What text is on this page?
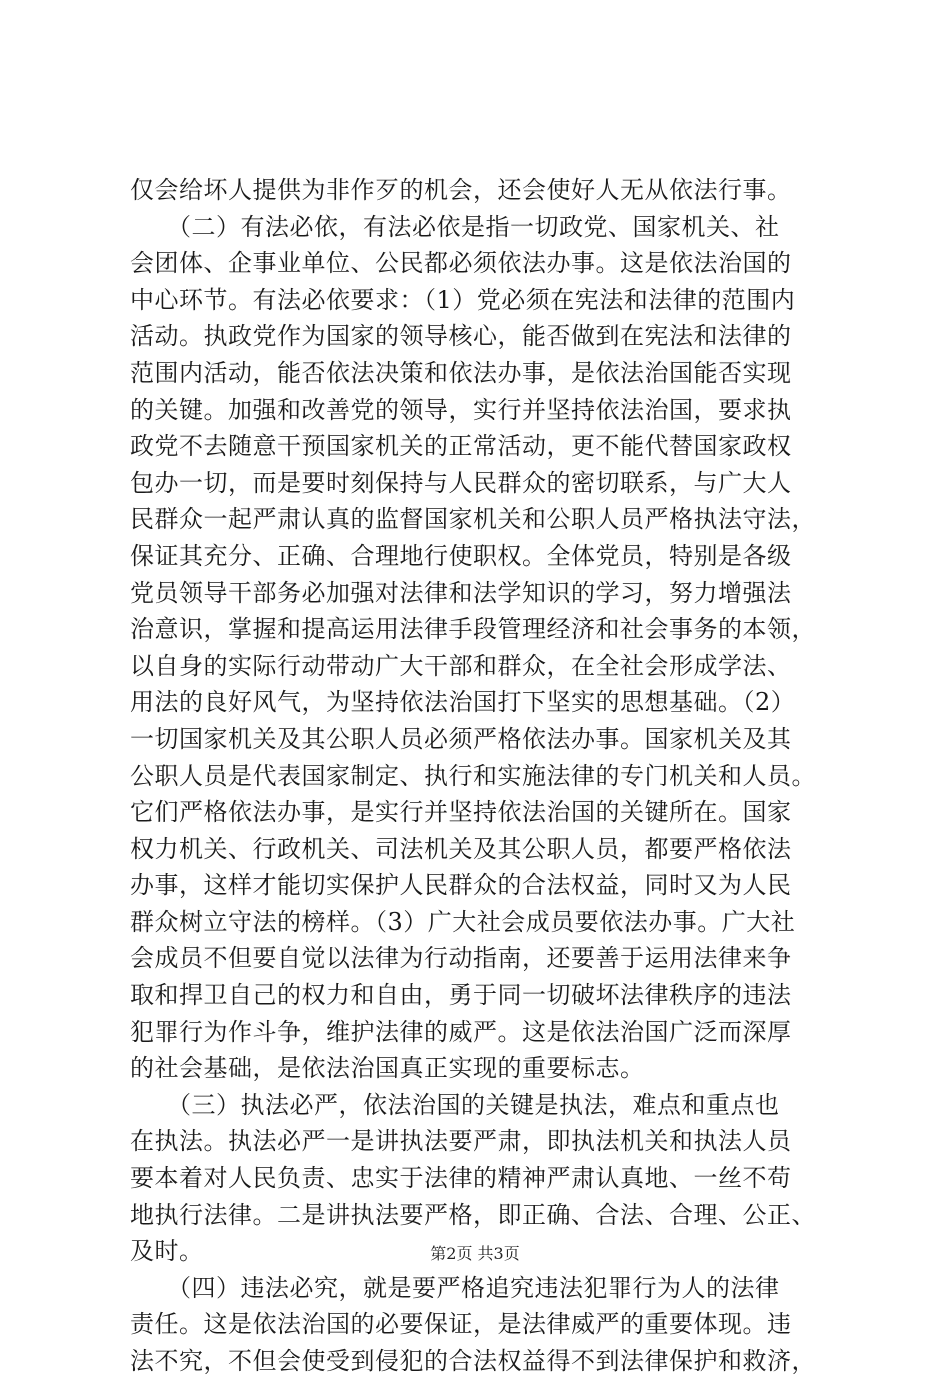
仅会给坏人提供为非作歹的机会，还会使好人无从依法行事。
　　（二）有法必依，有法必依是指一切政党、国家机关、社
会团体、企事业单位、公民都必须依法办事。这是依法治国的
中心环节。有法必依要求：（1）党必须在宪法和法律的范围内
活动。执政党作为国家的领导核心，能否做到在宪法和法律的
范围内活动，能否依法决策和依法办事，是依法治国能否实现
的关键。加强和改善党的领导，实行并坚持依法治国，要求执
政党不去随意干预国家机关的正常活动，更不能代替国家政权
包办一切，而是要时刻保持与人民群众的密切联系，与广大人
民群众一起严肃认真的监督国家机关和公职人员严格执法守法，
保证其充分、正确、合理地行使职权。全体党员，特别是各级
党员领导干部务必加强对法律和法学知识的学习，努力增强法
治意识，掌握和提高运用法律手段管理经济和社会事务的本领，
以自身的实际行动带动广大干部和群众，在全社会形成学法、
用法的良好风气，为坚持依法治国打下坚实的思想基础。（2）
一切国家机关及其公职人员必须严格依法办事。国家机关及其
公职人员是代表国家制定、执行和实施法律的专门机关和人员。
它们严格依法办事，是实行并坚持依法治国的关键所在。国家
权力机关、行政机关、司法机关及其公职人员，都要严格依法
办事，这样才能切实保护人民群众的合法权益，同时又为人民
群众树立守法的榜样。（3）广大社会成员要依法办事。广大社
会成员不但要自觉以法律为行动指南，还要善于运用法律来争
取和捍卫自己的权力和自由，勇于同一切破坏法律秩序的违法
犯罪行为作斗争，维护法律的威严。这是依法治国广泛而深厚
的社会基础，是依法治国真正实现的重要标志。
　　（三）执法必严，依法治国的关键是执法，难点和重点也
在执法。执法必严一是讲执法要严肃，即执法机关和执法人员
要本着对人民负责、忠实于法律的精神严肃认真地、一丝不苟
地执行法律。二是讲执法要严格，即正确、合法、合理、公正、
及时。
　　（四）违法必究，就是要严格追究违法犯罪行为人的法律
责任。这是依法治国的必要保证，是法律威严的重要体现。违
法不究，不但会使受到侵犯的合法权益得不到法律保护和救济，
第2页 共3页
